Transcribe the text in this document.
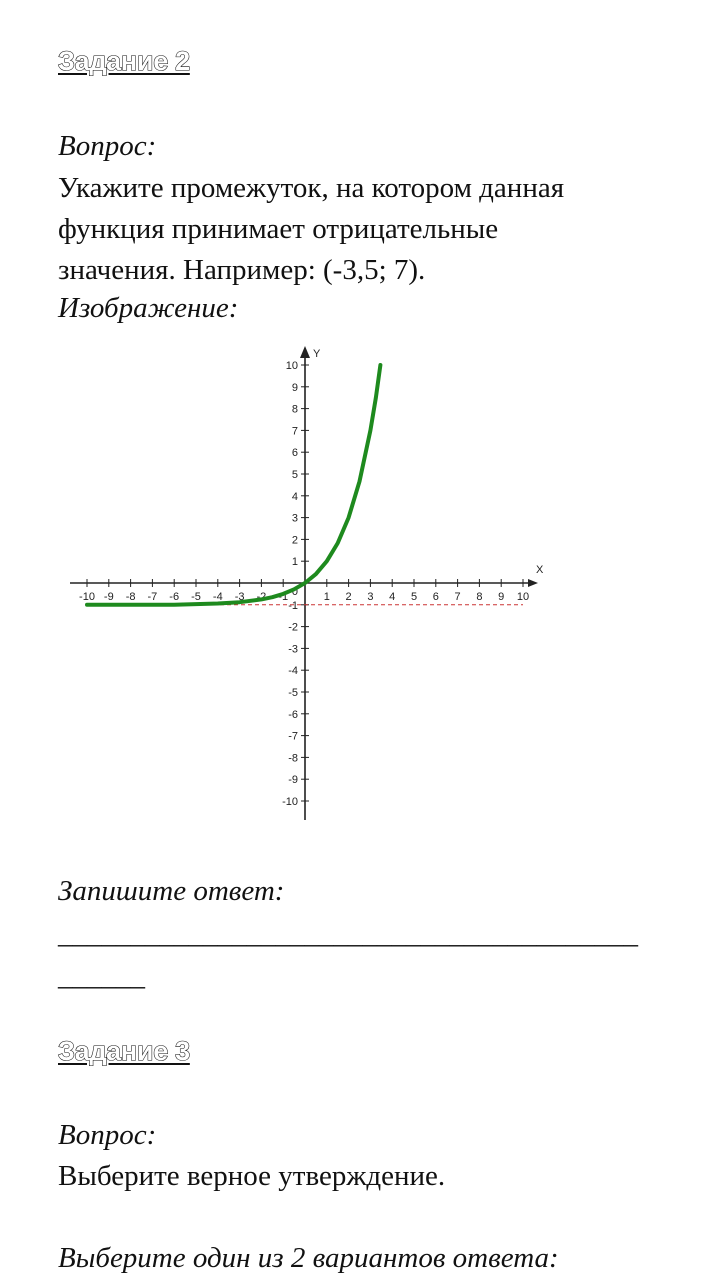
Задание 2
Вопрос:
Укажите промежуток, на котором данная
функция принимает отрицательные
значения. Например: (-3,5; 7).
Изображение:
X
Y
-10 -9 -8 -7 -6 -5 -4 -3 -2 -1	1 2 3 4 5 6 7 8 9 10
10
9
8
7
6
5
4
3
2
1
-1
-2
-3
-4
-5
-6
-7
-8
-9
-10
0
Запишите ответ:
________________________________________
______
Задание 3
Вопрос:
Выберите верное утверждение.
Выберите один из 2 вариантов ответа:
